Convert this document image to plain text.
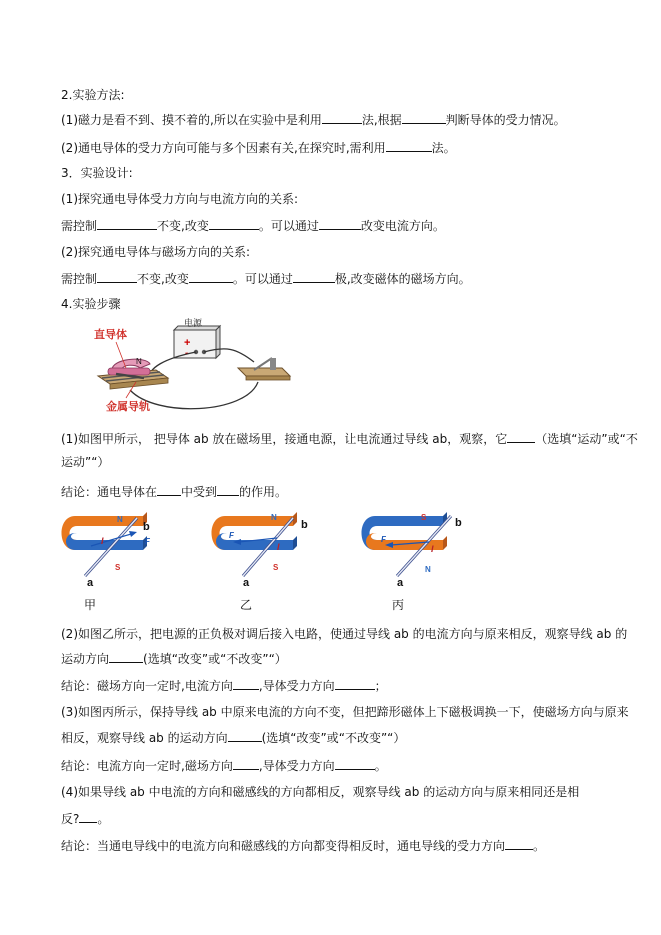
2.实验方法:
(1)磁力是看不到、摸不着的,所以在实验中是利用	法,根据	判断导体的受力情况。
(2)通电导体的受力方向可能与多个因素有关,在探究时,需利用	法。
3．实验设计:
(1)探究通电导体受力方向与电流方向的关系:
需控制	不变,改变	。可以通过	改变电流方向。
(2)探究通电导体与磁场方向的关系:
需控制	不变,改变	。可以通过	极,改变磁体的磁场方向。
4.实验步骤
电源
+
-
N
直导体
金属导轨
(1)如图甲所示， 把导体 ab 放在磁场里，接通电源，让电流通过导线 ab，观察，它 （选填“运动”或“不
运动”“）
结论：通电导体在 中受到 的作用。
N
S
b
a
I	F
甲
N
S
b
a
I
F
乙
S
N
b
a
I
F
丙
(2)如图乙所示，把电源的正负极对调后接入电路，使通过导线 ab 的电流方向与原来相反，观察导线 ab 的
运动方向	(选填“改变”或“不改变”“）
结论：磁场方向一定时,电流方向 ,导体受力方向	；
(3)如图丙所示，保持导线 ab 中原来电流的方向不变，但把蹄形磁体上下磁极调换一下，使磁场方向与原来
相反，观察导线 ab 的运动方向	(选填“改变”或“不改变”“）
结论：电流方向一定时,磁场方向 ,导体受力方向	。
(4)如果导线 ab 中电流的方向和磁感线的方向都相反，观察导线 ab 的运动方向与原来相同还是相
反? 。
结论：当通电导线中的电流方向和磁感线的方向都变得相反时，通电导线的受力方向 。
